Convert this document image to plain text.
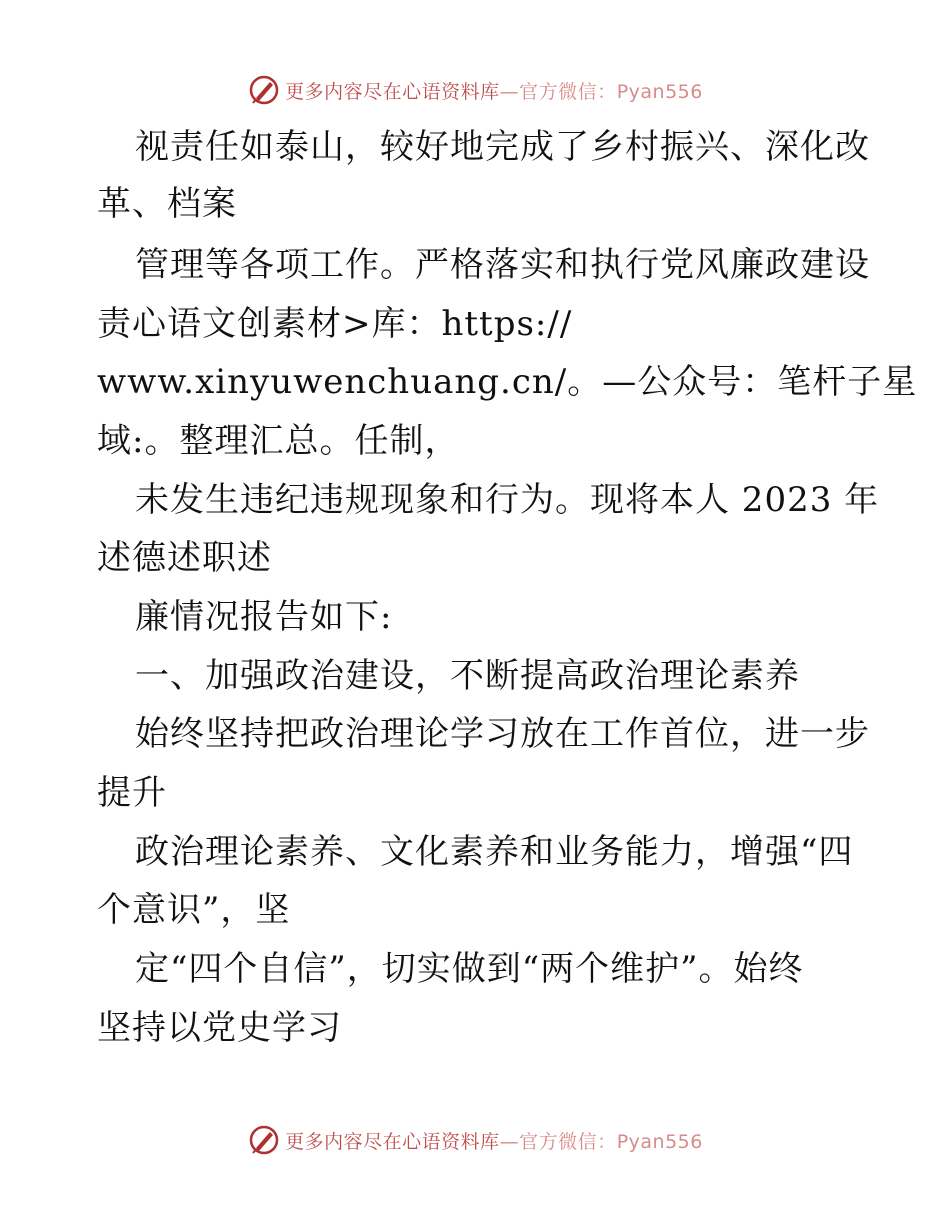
更多内容尽在心语资料库—官方微信：Pyan556
视责任如泰山，较好地完成了乡村振兴、深化改
革、档案
管理等各项工作。严格落实和执行党风廉政建设
责心语文创素材>库：https://
www.xinyuwenchuang.cn/。—公众号：笔杆子星
域:。整理汇总。任制，
未发生违纪违规现象和行为。现将本人 2023 年
述德述职述
廉情况报告如下:
一、加强政治建设，不断提高政治理论素养
始终坚持把政治理论学习放在工作首位，进一步
提升
政治理论素养、文化素养和业务能力，增强“四
个意识”，坚
定“四个自信”，切实做到“两个维护”。始终
坚持以党史学习
更多内容尽在心语资料库—官方微信：Pyan556
